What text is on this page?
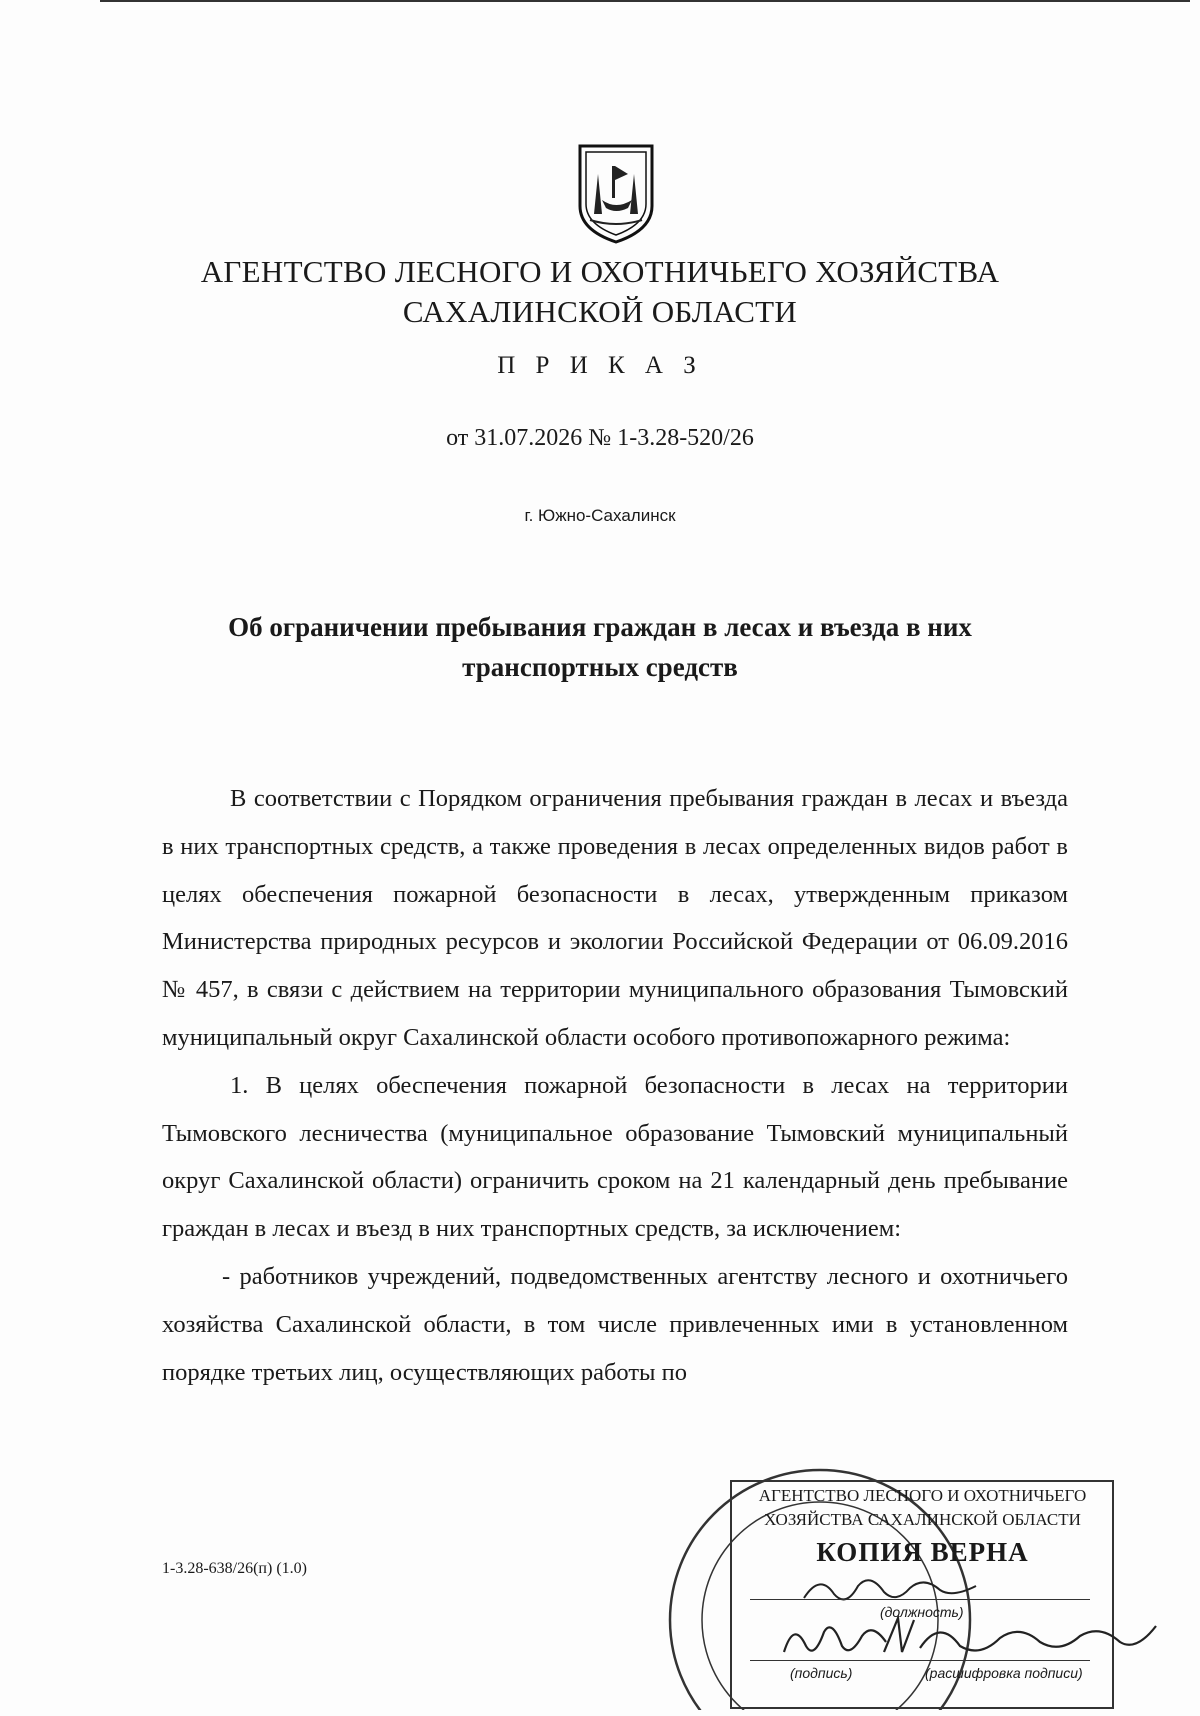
АГЕНТСТВО ЛЕСНОГО И ОХОТНИЧЬЕГО ХОЗЯЙСТВА
САХАЛИНСКОЙ ОБЛАСТИ
П Р И К А З
от 31.07.2026 № 1-3.28-520/26
г. Южно-Сахалинск
Об ограничении пребывания граждан в лесах и въезда в них
транспортных средств

В соответствии с Порядком ограничения пребывания граждан в лесах и въезда в них транспортных средств, а также проведения в лесах определенных видов работ в целях обеспечения пожарной безопасности в лесах, утвержденным приказом Министерства природных ресурсов и экологии Российской Федерации от 06.09.2016 № 457, в связи с действием на территории муниципального образования Тымовский муниципальный округ Сахалинской области особого противопожарного режима:

1. В целях обеспечения пожарной безопасности в лесах на территории Тымовского лесничества (муниципальное образование Тымовский муниципальный округ Сахалинской области) ограничить сроком на 21 календарный день пребывание граждан в лесах и въезд в них транспортных средств, за исключением:

- работников учреждений, подведомственных агентству лесного и охотничьего хозяйства Сахалинской области, в том числе привлеченных ими в установленном порядке третьих лиц, осуществляющих работы по

1-3.28-638/26(п) (1.0)
АГЕНТСТВО ЛЕСНОГО И ОХОТНИЧЬЕГО
ХОЗЯЙСТВА САХАЛИНСКОЙ ОБЛАСТИ
КОПИЯ ВЕРНА
(должность)
(подпись)	(расшифровка подписи)
